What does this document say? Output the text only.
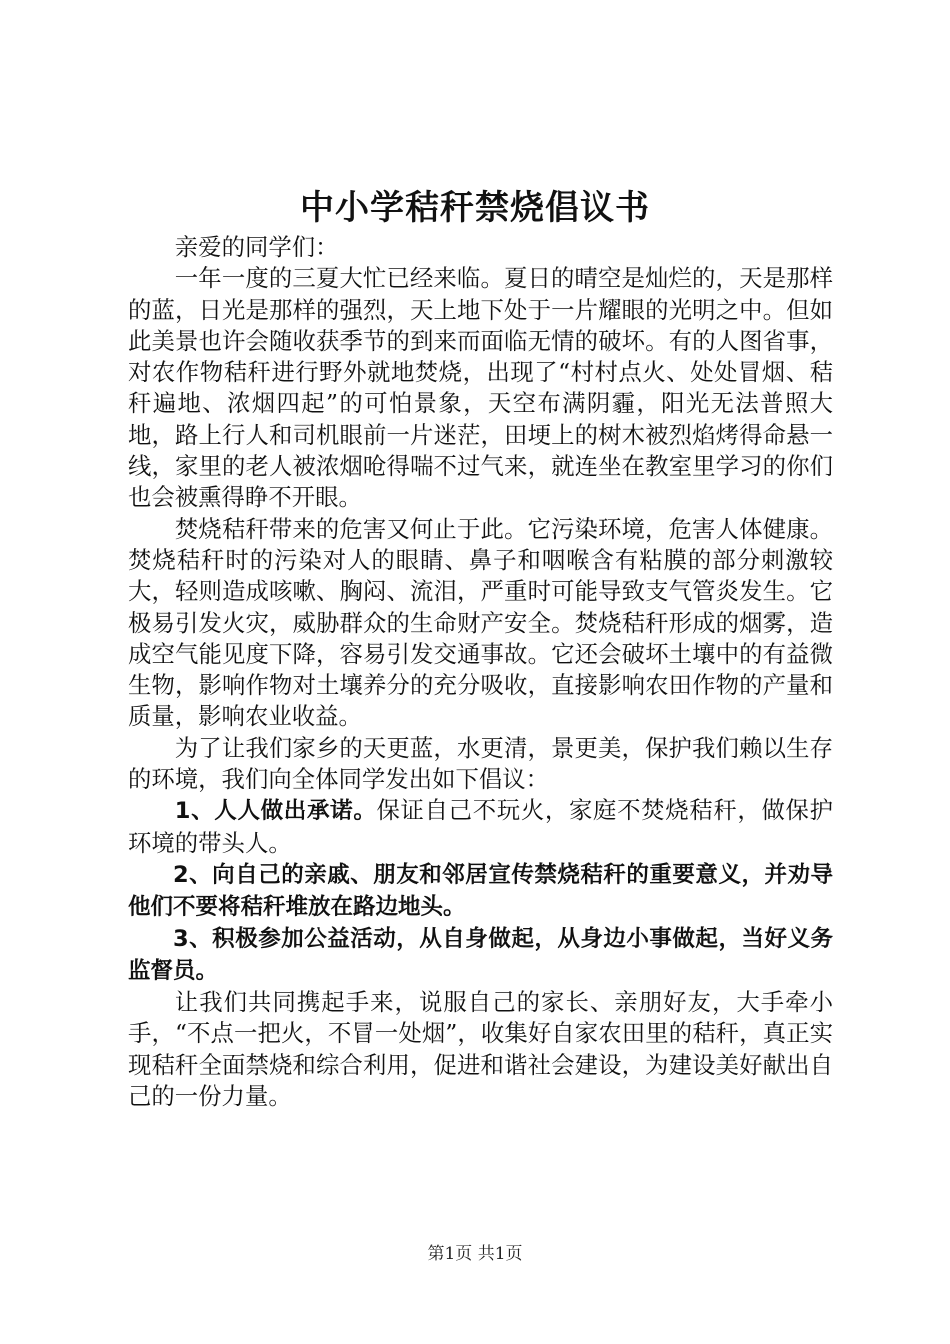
中小学秸秆禁烧倡议书

亲爱的同学们：

一年一度的三夏大忙已经来临。夏日的晴空是灿烂的，天是那样的蓝，日光是那样的强烈，天上地下处于一片耀眼的光明之中。但如此美景也许会随收获季节的到来而面临无情的破坏。有的人图省事，对农作物秸秆进行野外就地焚烧，出现了“村村点火、处处冒烟、秸秆遍地、浓烟四起”的可怕景象，天空布满阴霾，阳光无法普照大地，路上行人和司机眼前一片迷茫，田埂上的树木被烈焰烤得命悬一线，家里的老人被浓烟呛得喘不过气来，就连坐在教室里学习的你们也会被熏得睁不开眼。

焚烧秸秆带来的危害又何止于此。它污染环境，危害人体健康。焚烧秸秆时的污染对人的眼睛、鼻子和咽喉含有粘膜的部分刺激较大，轻则造成咳嗽、胸闷、流泪，严重时可能导致支气管炎发生。它极易引发火灾，威胁群众的生命财产安全。焚烧秸秆形成的烟雾，造成空气能见度下降，容易引发交通事故。它还会破坏土壤中的有益微生物，影响作物对土壤养分的充分吸收，直接影响农田作物的产量和质量，影响农业收益。

为了让我们家乡的天更蓝，水更清，景更美，保护我们赖以生存的环境，我们向全体同学发出如下倡议：

1、人人做出承诺。保证自己不玩火，家庭不焚烧秸秆，做保护环境的带头人。

2、向自己的亲戚、朋友和邻居宣传禁烧秸秆的重要意义，并劝导他们不要将秸秆堆放在路边地头。

3、积极参加公益活动，从自身做起，从身边小事做起，当好义务监督员。

让我们共同携起手来，说服自己的家长、亲朋好友，大手牵小手，“不点一把火，不冒一处烟”，收集好自家农田里的秸秆，真正实现秸秆全面禁烧和综合利用，促进和谐社会建设，为建设美好献出自己的一份力量。

第1页 共1页
